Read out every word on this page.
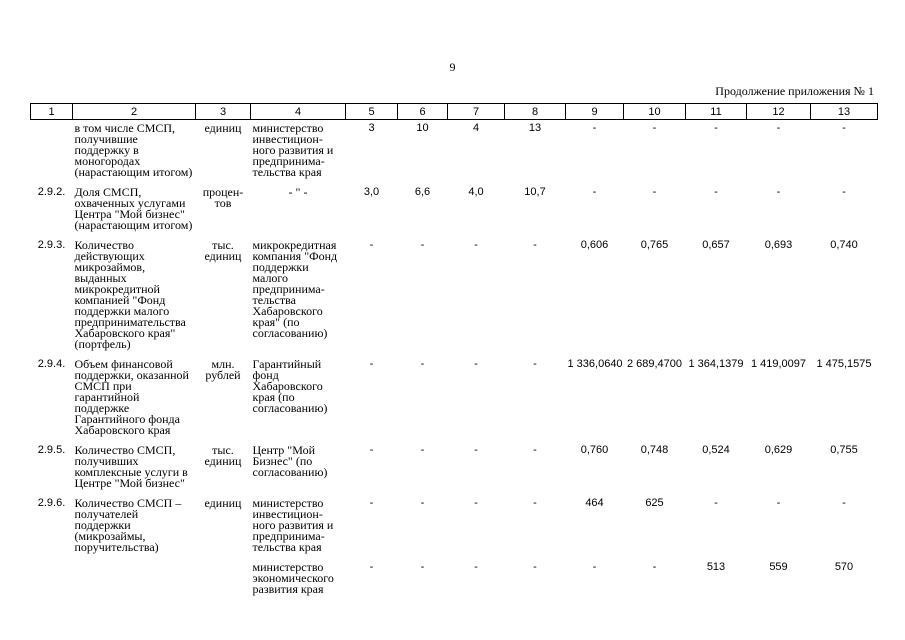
9
Продолжение приложения № 1
1	2	3	4	5	6	7	8	9	10	11	12	13
	в том числе СМСП, получившие поддержку в моногородах (нарастающим итогом)	единиц	министерство инвестицион- ного развития и предпринима- тельства края	3	10	4	13	-	-	-	-	-
2.9.2.	Доля СМСП, охваченных услугами Центра "Мой бизнес" (нарастающим итогом)	процен- тов	- " -	3,0	6,6	4,0	10,7	-	-	-	-	-
2.9.3.	Количество действующих микрозаймов, выданных микрокредитной компанией "Фонд поддержки малого предпринимательства Хабаровского края" (портфель)	тыс. единиц	микрокредитная компания "Фонд поддержки малого предпринима- тельства Хабаровского края" (по согласованию)	-	-	-	-	0,606	0,765	0,657	0,693	0,740
2.9.4.	Объем финансовой поддержки, оказанной СМСП при гарантийной поддержке Гарантийного фонда Хабаровского края	млн. рублей	Гарантийный фонд Хабаровского края (по согласованию)	-	-	-	-	1 336,0640	2 689,4700	1 364,1379	1 419,0097	1 475,1575
2.9.5.	Количество СМСП, получивших комплексные услуги в Центре "Мой бизнес"	тыс. единиц	Центр "Мой Бизнес" (по согласованию)	-	-	-	-	0,760	0,748	0,524	0,629	0,755
2.9.6.	Количество СМСП – получателей поддержки (микрозаймы, поручительства)	единиц	министерство инвестицион- ного развития и предпринима- тельства края	-	-	-	-	464	625	-	-	-
			министерство экономического развития края	-	-	-	-	-	-	513	559	570
